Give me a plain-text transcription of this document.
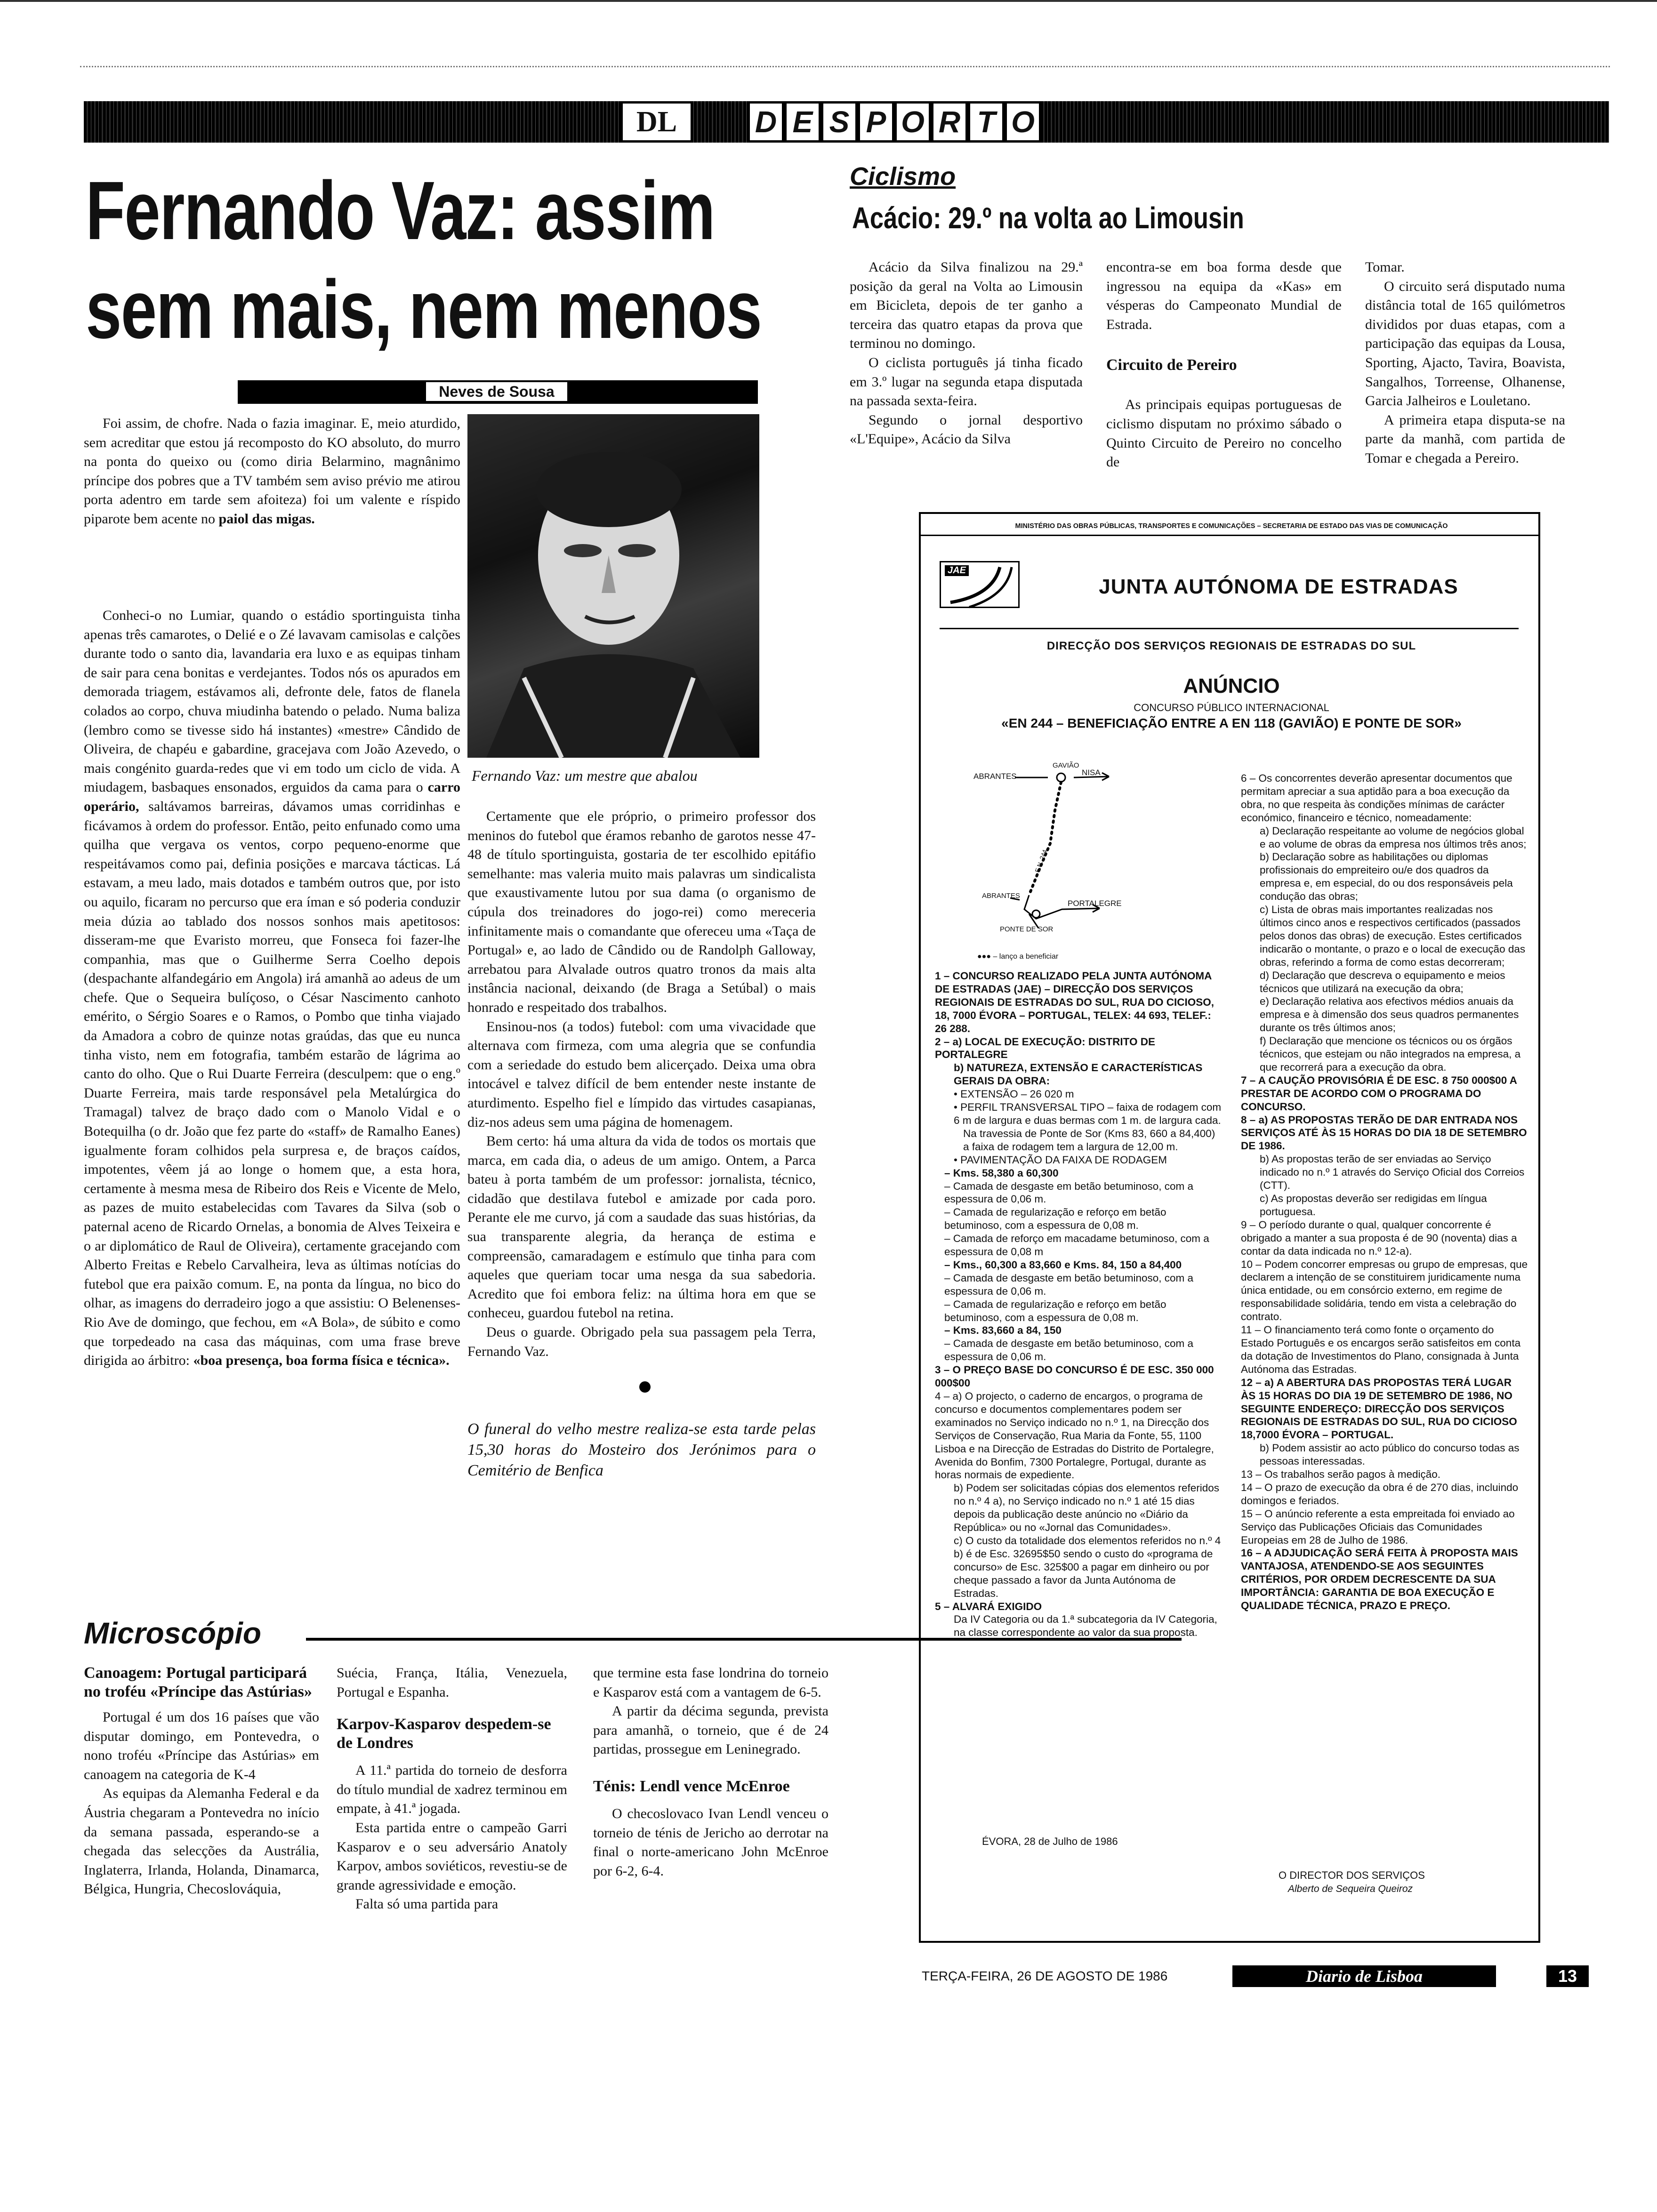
DL	D E S P O R T O
Fernando Vaz: assim
sem mais, nem menos
Neves de Sousa
Fernando Vaz: um mestre que abalou

Foi assim, de chofre. Nada o fazia imaginar. E, meio aturdido, sem acreditar que estou já recomposto do KO absoluto, do murro na ponta do queixo ou (como diria Belarmino, magnânimo príncipe dos pobres que a TV também sem aviso prévio me atirou porta adentro em tarde sem afoiteza) foi um valente e ríspido piparote bem acente no paiol das migas.

Conheci-o no Lumiar, quando o estádio sportinguista tinha apenas três camarotes, o Delié e o Zé lavavam camisolas e calções durante todo o santo dia, lavandaria era luxo e as equipas tinham de sair para cena bonitas e verdejantes. Todos nós os apurados em demorada triagem, estávamos ali, defronte dele, fatos de flanela colados ao corpo, chuva miudinha batendo o pelado. Numa baliza (lembro como se tivesse sido há instantes) «mestre» Cândido de Oliveira, de chapéu e gabardine, gracejava com João Azevedo, o mais congénito guarda-redes que vi em todo um ciclo de vida. A miudagem, basbaques ensonados, erguidos da cama para o carro operário, saltávamos barreiras, dávamos umas corridinhas e ficávamos à ordem do professor. Então, peito enfunado como uma quilha que vergava os ventos, corpo pequeno-enorme que respeitávamos como pai, definia posições e marcava tácticas. Lá estavam, a meu lado, mais dotados e também outros que, por isto ou aquilo, ficaram no percurso que era íman e só poderia conduzir meia dúzia ao tablado dos nossos sonhos mais apetitosos: disseram-me que Evaristo morreu, que Fonseca foi fazer-lhe companhia, mas que o Guilherme Serra Coelho depois (despachante alfandegário em Angola) irá amanhã ao adeus de um chefe. Que o Sequeira bulíçoso, o César Nascimento canhoto emérito, o Sérgio Soares e o Ramos, o Pombo que tinha viajado da Amadora a cobro de quinze notas graúdas, das que eu nunca tinha visto, nem em fotografia, também estarão de lágrima ao canto do olho. Que o Rui Duarte Ferreira (desculpem: que o eng.º Duarte Ferreira, mais tarde responsável pela Metalúrgica do Tramagal) talvez de braço dado com o Manolo Vidal e o Botequilha (o dr. João que fez parte do «staff» de Ramalho Eanes) igualmente foram colhidos pela surpresa e, de braços caídos, impotentes, vêem já ao longe o homem que, a esta hora, certamente à mesma mesa de Ribeiro dos Reis e Vicente de Melo, as pazes de muito estabelecidas com Tavares da Silva (sob o paternal aceno de Ricardo Ornelas, a bonomia de Alves Teixeira e o ar diplomático de Raul de Oliveira), certamente gracejando com Alberto Freitas e Rebelo Carvalheira, leva as últimas notícias do futebol que era paixão comum. E, na ponta da língua, no bico do olhar, as imagens do derradeiro jogo a que assistiu: O Belenenses-Rio Ave de domingo, que fechou, em «A Bola», de súbito e como que torpedeado na casa das máquinas, com uma frase breve dirigida ao árbitro: «boa presença, boa forma física e técnica».

Certamente que ele próprio, o primeiro professor dos meninos do futebol que éramos rebanho de garotos nesse 47-48 de título sportinguista, gostaria de ter escolhido epitáfio semelhante: mas valeria muito mais palavras um sindicalista que exaustivamente lutou por sua dama (o organismo de cúpula dos treinadores do jogo-rei) como mereceria infinitamente mais o comandante que ofereceu uma «Taça de Portugal» e, ao lado de Cândido ou de Randolph Galloway, arrebatou para Alvalade outros quatro tronos da mais alta instância nacional, deixando (de Braga a Setúbal) o mais honrado e respeitado dos trabalhos.

Ensinou-nos (a todos) futebol: com uma vivacidade que alternava com firmeza, com uma alegria que se confundia com a seriedade do estudo bem alicerçado. Deixa uma obra intocável e talvez difícil de bem entender neste instante de aturdimento. Espelho fiel e límpido das virtudes casapianas, diz-nos adeus sem uma página de homenagem.

Bem certo: há uma altura da vida de todos os mortais que marca, em cada dia, o adeus de um amigo. Ontem, a Parca bateu à porta também de um professor: jornalista, técnico, cidadão que destilava futebol e amizade por cada poro. Perante ele me curvo, já com a saudade das suas histórias, da sua transparente alegria, da herança de estima e compreensão, camaradagem e estímulo que tinha para com aqueles que queriam tocar uma nesga da sua sabedoria. Acredito que foi embora feliz: na última hora em que se conheceu, guardou futebol na retina.

Deus o guarde. Obrigado pela sua passagem pela Terra, Fernando Vaz.

O funeral do velho mestre realiza-se esta tarde pelas 15,30 horas do Mosteiro dos Jerónimos para o Cemitério de Benfica
Microscópio

Canoagem: Portugal participará no troféu «Príncipe das Astúrias»

Portugal é um dos 16 países que vão disputar domingo, em Pontevedra, o nono troféu «Príncipe das Astúrias» em canoagem na categoria de K-4

As equipas da Alemanha Federal e da Áustria chegaram a Pontevedra no início da semana passada, esperando-se a chegada das selecções da Austrália, Inglaterra, Irlanda, Holanda, Dinamarca, Bélgica, Hungria, Checoslováquia,

Suécia, França, Itália, Venezuela, Portugal e Espanha.

Karpov-Kasparov despedem-se de Londres

A 11.ª partida do torneio de desforra do título mundial de xadrez terminou em empate, à 41.ª jogada.

Esta partida entre o campeão Garri Kasparov e o seu adversário Anatoly Karpov, ambos soviéticos, revestiu-se de grande agressividade e emoção.

Falta só uma partida para

que termine esta fase londrina do torneio e Kasparov está com a vantagem de 6-5.

A partir da décima segunda, prevista para amanhã, o torneio, que é de 24 partidas, prossegue em Leninegrado.

Ténis: Lendl vence McEnroe

O checoslovaco Ivan Lendl venceu o torneio de ténis de Jericho ao derrotar na final o norte-americano John McEnroe por 6-2, 6-4.

Ciclismo
Acácio: 29.º na volta ao Limousin

Acácio da Silva finalizou na 29.ª posição da geral na Volta ao Limousin em Bicicleta, depois de ter ganho a terceira das quatro etapas da prova que terminou no domingo.

O ciclista português já tinha ficado em 3.º lugar na segunda etapa disputada na passada sexta-feira.

Segundo o jornal desportivo «L'Equipe», Acácio da Silva

encontra-se em boa forma desde que ingressou na equipa da «Kas» em vésperas do Campeonato Mundial de Estrada.

Circuito de Pereiro

As principais equipas portuguesas de ciclismo disputam no próximo sábado o Quinto Circuito de Pereiro no concelho de

Tomar.

O circuito será disputado numa distância total de 165 quilómetros divididos por duas etapas, com a participação das equipas da Lousa, Sporting, Ajacto, Tavira, Boavista, Sangalhos, Torreense, Olhanense, Garcia Jalheiros e Louletano.

A primeira etapa disputa-se na parte da manhã, com partida de Tomar e chegada a Pereiro.

MINISTÉRIO DAS OBRAS PÚBLICAS, TRANSPORTES E COMUNICAÇÕES – SECRETARIA DE ESTADO DAS VIAS DE COMUNICAÇÃO
JAE
JUNTA AUTÓNOMA DE ESTRADAS
DIRECÇÃO DOS SERVIÇOS REGIONAIS DE ESTRADAS DO SUL
ANÚNCIO
CONCURSO PÚBLICO INTERNACIONAL
«EN 244 – BENEFICIAÇÃO ENTRE A EN 118 (GAVIÃO) E PONTE DE SOR»
GAVIÃO
NISA
ABRANTES
E.N. 244
ABRANTES
PORTALEGRE
PONTE DE SOR
●●● – lanço a beneficiar
1 – CONCURSO REALIZADO PELA JUNTA AUTÓNOMA DE ESTRADAS (JAE) – DIRECÇÃO DOS SERVIÇOS REGIONAIS DE ESTRADAS DO SUL, RUA DO CICIOSO, 18, 7000 ÉVORA – PORTUGAL, TELEX: 44 693, TELEF.: 26 288.
2 – a) LOCAL DE EXECUÇÃO: DISTRITO DE PORTALEGRE
b) NATUREZA, EXTENSÃO E CARACTERÍSTICAS GERAIS DA OBRA:
• EXTENSÃO – 26 020 m
• PERFIL TRANSVERSAL TIPO – faixa de rodagem com 6 m de largura e duas bermas com 1 m. de largura cada.
Na travessia de Ponte de Sor (Kms 83, 660 a 84,400) a faixa de rodagem tem a largura de 12,00 m.
• PAVIMENTAÇÃO DA FAIXA DE RODAGEM
– Kms. 58,380 a 60,300
– Camada de desgaste em betão betuminoso, com a espessura de 0,06 m.
– Camada de regularização e reforço em betão betuminoso, com a espessura de 0,08 m.
– Camada de reforço em macadame betuminoso, com a espessura de 0,08 m
– Kms., 60,300 a 83,660 e Kms. 84, 150 a 84,400
– Camada de desgaste em betão betuminoso, com a espessura de 0,06 m.
– Camada de regularização e reforço em betão betuminoso, com a espessura de 0,08 m.
– Kms. 83,660 a 84, 150
– Camada de desgaste em betão betuminoso, com a espessura de 0,06 m.
3 – O PREÇO BASE DO CONCURSO É DE ESC. 350 000 000$00
4 – a) O projecto, o caderno de encargos, o programa de concurso e documentos complementares podem ser examinados no Serviço indicado no n.º 1, na Direcção dos Serviços de Conservação, Rua Maria da Fonte, 55, 1100 Lisboa e na Direcção de Estradas do Distrito de Portalegre, Avenida do Bonfim, 7300 Portalegre, Portugal, durante as horas normais de expediente.
b) Podem ser solicitadas cópias dos elementos referidos no n.º 4 a), no Serviço indicado no n.º 1 até 15 dias depois da publicação deste anúncio no «Diário da República» ou no «Jornal das Comunidades».
c) O custo da totalidade dos elementos referidos no n.º 4 b) é de Esc. 32695$50 sendo o custo do «programa de concurso» de Esc. 325$00 a pagar em dinheiro ou por cheque passado a favor da Junta Autónoma de Estradas.
5 – ALVARÁ EXIGIDO
Da IV Categoria ou da 1.ª subcategoria da IV Categoria, na classe correspondente ao valor da sua proposta.
6 – Os concorrentes deverão apresentar documentos que permitam apreciar a sua aptidão para a boa execução da obra, no que respeita às condições mínimas de carácter económico, financeiro e técnico, nomeadamente:
a) Declaração respeitante ao volume de negócios global e ao volume de obras da empresa nos últimos três anos;
b) Declaração sobre as habilitações ou diplomas profissionais do empreiteiro ou/e dos quadros da empresa e, em especial, do ou dos responsáveis pela condução das obras;
c) Lista de obras mais importantes realizadas nos últimos cinco anos e respectivos certificados (passados pelos donos das obras) de execução. Estes certificados indicarão o montante, o prazo e o local de execução das obras, referindo a forma de como estas decorreram;
d) Declaração que descreva o equipamento e meios técnicos que utilizará na execução da obra;
e) Declaração relativa aos efectivos médios anuais da empresa e à dimensão dos seus quadros permanentes durante os três últimos anos;
f) Declaração que mencione os técnicos ou os órgãos técnicos, que estejam ou não integrados na empresa, a que recorrerá para a execução da obra.
7 – A CAUÇÃO PROVISÓRIA É DE ESC. 8 750 000$00 A PRESTAR DE ACORDO COM O PROGRAMA DO CONCURSO.
8 – a) AS PROPOSTAS TERÃO DE DAR ENTRADA NOS SERVIÇOS ATÉ ÀS 15 HORAS DO DIA 18 DE SETEMBRO DE 1986.
b) As propostas terão de ser enviadas ao Serviço indicado no n.º 1 através do Serviço Oficial dos Correios (CTT).
c) As propostas deverão ser redigidas em língua portuguesa.
9 – O período durante o qual, qualquer concorrente é obrigado a manter a sua proposta é de 90 (noventa) dias a contar da data indicada no n.º 12-a).
10 – Podem concorrer empresas ou grupo de empresas, que declarem a intenção de se constituirem juridicamente numa única entidade, ou em consórcio externo, em regime de responsabilidade solidária, tendo em vista a celebração do contrato.
11 – O financiamento terá como fonte o orçamento do Estado Português e os encargos serão satisfeitos em conta da dotação de Investimentos do Plano, consignada à Junta Autónoma das Estradas.
12 – a) A ABERTURA DAS PROPOSTAS TERÁ LUGAR ÀS 15 HORAS DO DIA 19 DE SETEMBRO DE 1986, NO SEGUINTE ENDEREÇO: DIRECÇÃO DOS SERVIÇOS REGIONAIS DE ESTRADAS DO SUL, RUA DO CICIOSO 18,7000 ÉVORA – PORTUGAL.
b) Podem assistir ao acto público do concurso todas as pessoas interessadas.
13 – Os trabalhos serão pagos à medição.
14 – O prazo de execução da obra é de 270 dias, incluindo domingos e feriados.
15 – O anúncio referente a esta empreitada foi enviado ao Serviço das Publicações Oficiais das Comunidades Europeias em 28 de Julho de 1986.
16 – A ADJUDICAÇÃO SERÁ FEITA À PROPOSTA MAIS VANTAJOSA, ATENDENDO-SE AOS SEGUINTES CRITÉRIOS, POR ORDEM DECRESCENTE DA SUA IMPORTÂNCIA: GARANTIA DE BOA EXECUÇÃO E QUALIDADE TÉCNICA, PRAZO E PREÇO.
ÉVORA, 28 de Julho de 1986
O DIRECTOR DOS SERVIÇOS
Alberto de Sequeira Queiroz
TERÇA-FEIRA, 26 DE AGOSTO DE 1986	Diario de Lisboa	13
